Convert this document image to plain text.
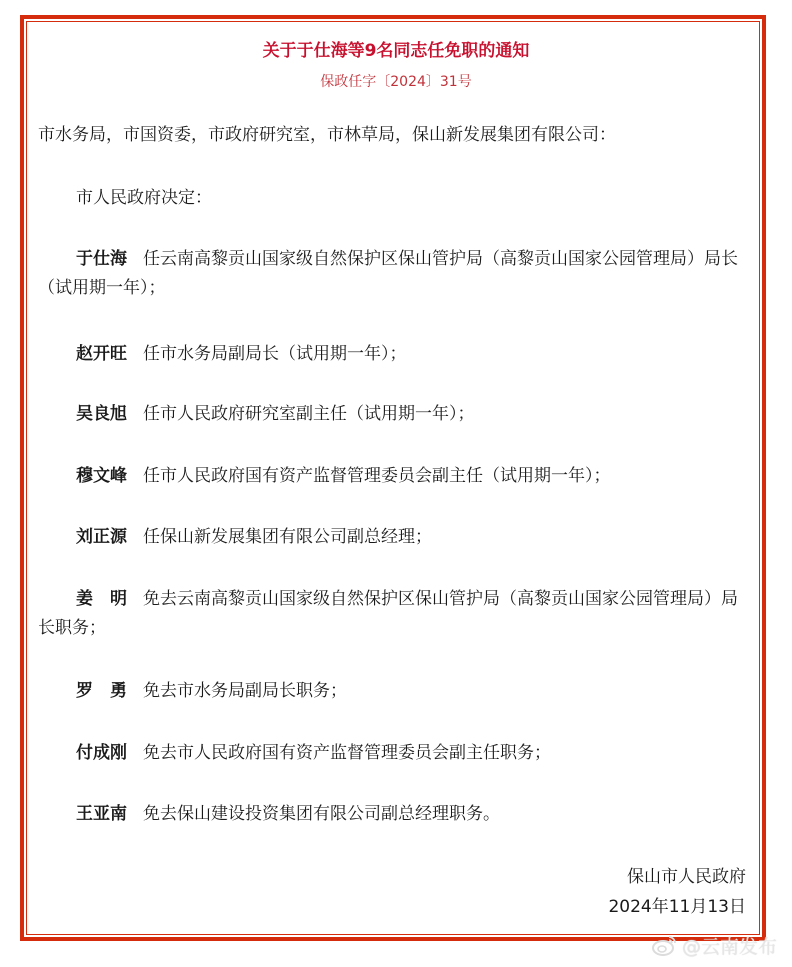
关于于仕海等9名同志任免职的通知
保政任字〔2024〕31号
市水务局，市国资委，市政府研究室，市林草局，保山新发展集团有限公司：
市人民政府决定：
于仕海 任云南高黎贡山国家级自然保护区保山管护局（高黎贡山国家公园管理局）局长（试用期一年）；
赵开旺 任市水务局副局长（试用期一年）；
吴良旭 任市人民政府研究室副主任（试用期一年）；
穆文峰 任市人民政府国有资产监督管理委员会副主任（试用期一年）；
刘正源 任保山新发展集团有限公司副总经理；
姜　明 免去云南高黎贡山国家级自然保护区保山管护局（高黎贡山国家公园管理局）局长职务；
罗　勇 免去市水务局副局长职务；
付成刚 免去市人民政府国有资产监督管理委员会副主任职务；
王亚南 免去保山建设投资集团有限公司副总经理职务。
保山市人民政府
2024年11月13日
@云南发布
